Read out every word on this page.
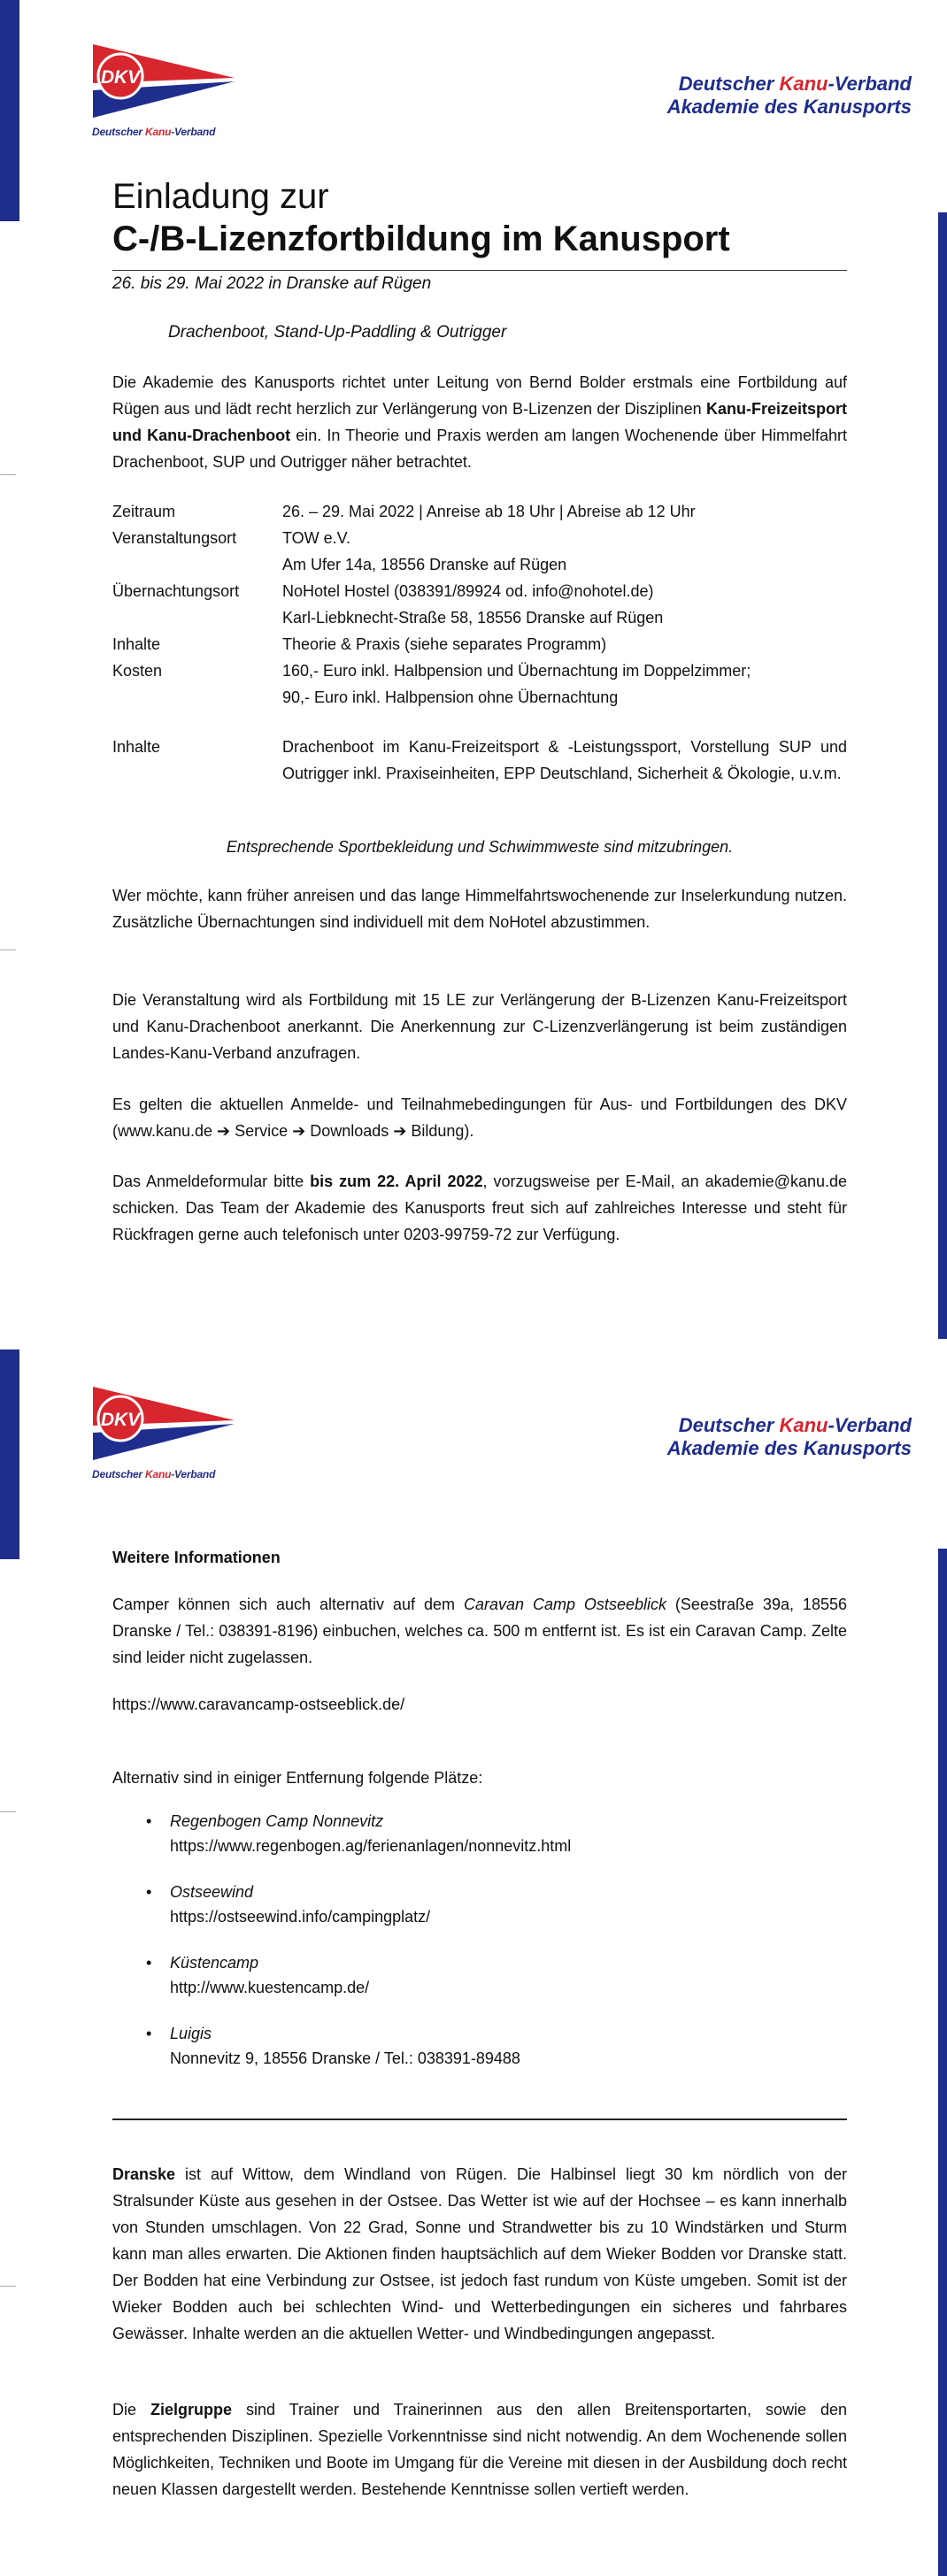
DKV
Deutscher Kanu-Verband
Deutscher Kanu-Verband
Akademie des Kanusports
Einladung zur
C-/B-Lizenzfortbildung im Kanusport
26. bis 29. Mai 2022 in Dranske auf Rügen
Drachenboot, Stand-Up-Paddling & Outrigger
Die Akademie des Kanusports richtet unter Leitung von Bernd Bolder erstmals eine Fortbildung auf Rügen aus und lädt recht herzlich zur Verlängerung von B-Lizenzen der Disziplinen Kanu-Freizeitsport und Kanu-Drachenboot ein. In Theorie und Praxis werden am langen Wochenende über Himmelfahrt Drachenboot, SUP und Outrigger näher betrachtet.
Zeitraum	26. – 29. Mai 2022 | Anreise ab 18 Uhr | Abreise ab 12 Uhr
Veranstaltungsort	TOW e.V.
Am Ufer 14a, 18556 Dranske auf Rügen
Übernachtungsort	NoHotel Hostel (038391/89924 od. info@nohotel.de)
Karl-Liebknecht-Straße 58, 18556 Dranske auf Rügen
Inhalte	Theorie & Praxis (siehe separates Programm)
Kosten	160,- Euro inkl. Halbpension und Übernachtung im Doppelzimmer;
90,- Euro inkl. Halbpension ohne Übernachtung
Inhalte	Drachenboot im Kanu-Freizeitsport & -Leistungssport, Vorstellung SUP und Outrigger inkl. Praxiseinheiten, EPP Deutschland, Sicherheit & Ökologie, u.v.m.
Entsprechende Sportbekleidung und Schwimmweste sind mitzubringen.
Wer möchte, kann früher anreisen und das lange Himmelfahrtswochenende zur Inselerkundung nutzen. Zusätzliche Übernachtungen sind individuell mit dem NoHotel abzustimmen.
Die Veranstaltung wird als Fortbildung mit 15 LE zur Verlängerung der B-Lizenzen Kanu-Freizeitsport und Kanu-Drachenboot anerkannt. Die Anerkennung zur C-Lizenzverlängerung ist beim zuständigen Landes-Kanu-Verband anzufragen.
Es gelten die aktuellen Anmelde- und Teilnahmebedingungen für Aus- und Fortbildungen des DKV (www.kanu.de ➔ Service ➔ Downloads ➔ Bildung).
Das Anmeldeformular bitte bis zum 22. April 2022, vorzugsweise per E-Mail, an akademie@kanu.de schicken. Das Team der Akademie des Kanusports freut sich auf zahlreiches Interesse und steht für Rückfragen gerne auch telefonisch unter 0203-99759-72 zur Verfügung.
DKV
Deutscher Kanu-Verband
Deutscher Kanu-Verband
Akademie des Kanusports
Weitere Informationen
Camper können sich auch alternativ auf dem Caravan Camp Ostseeblick (Seestraße 39a, 18556 Dranske / Tel.: 038391-8196) einbuchen, welches ca. 500 m entfernt ist. Es ist ein Caravan Camp. Zelte sind leider nicht zugelassen.
https://www.caravancamp-ostseeblick.de/
Alternativ sind in einiger Entfernung folgende Plätze:
• Regenbogen Camp Nonnevitz
https://www.regenbogen.ag/ferienanlagen/nonnevitz.html
• Ostseewind
https://ostseewind.info/campingplatz/
• Küstencamp
http://www.kuestencamp.de/
• Luigis
Nonnevitz 9, 18556 Dranske / Tel.: 038391-89488
Dranske ist auf Wittow, dem Windland von Rügen. Die Halbinsel liegt 30 km nördlich von der Stralsunder Küste aus gesehen in der Ostsee. Das Wetter ist wie auf der Hochsee – es kann innerhalb von Stunden umschlagen. Von 22 Grad, Sonne und Strandwetter bis zu 10 Windstärken und Sturm kann man alles erwarten. Die Aktionen finden hauptsächlich auf dem Wieker Bodden vor Dranske statt. Der Bodden hat eine Verbindung zur Ostsee, ist jedoch fast rundum von Küste umgeben. Somit ist der Wieker Bodden auch bei schlechten Wind- und Wetterbedingungen ein sicheres und fahrbares Gewässer. Inhalte werden an die aktuellen Wetter- und Windbedingungen angepasst.
Die Zielgruppe sind Trainer und Trainerinnen aus den allen Breitensportarten, sowie den entsprechenden Disziplinen. Spezielle Vorkenntnisse sind nicht notwendig. An dem Wochenende sollen Möglichkeiten, Techniken und Boote im Umgang für die Vereine mit diesen in der Ausbildung doch recht neuen Klassen dargestellt werden. Bestehende Kenntnisse sollen vertieft werden.
